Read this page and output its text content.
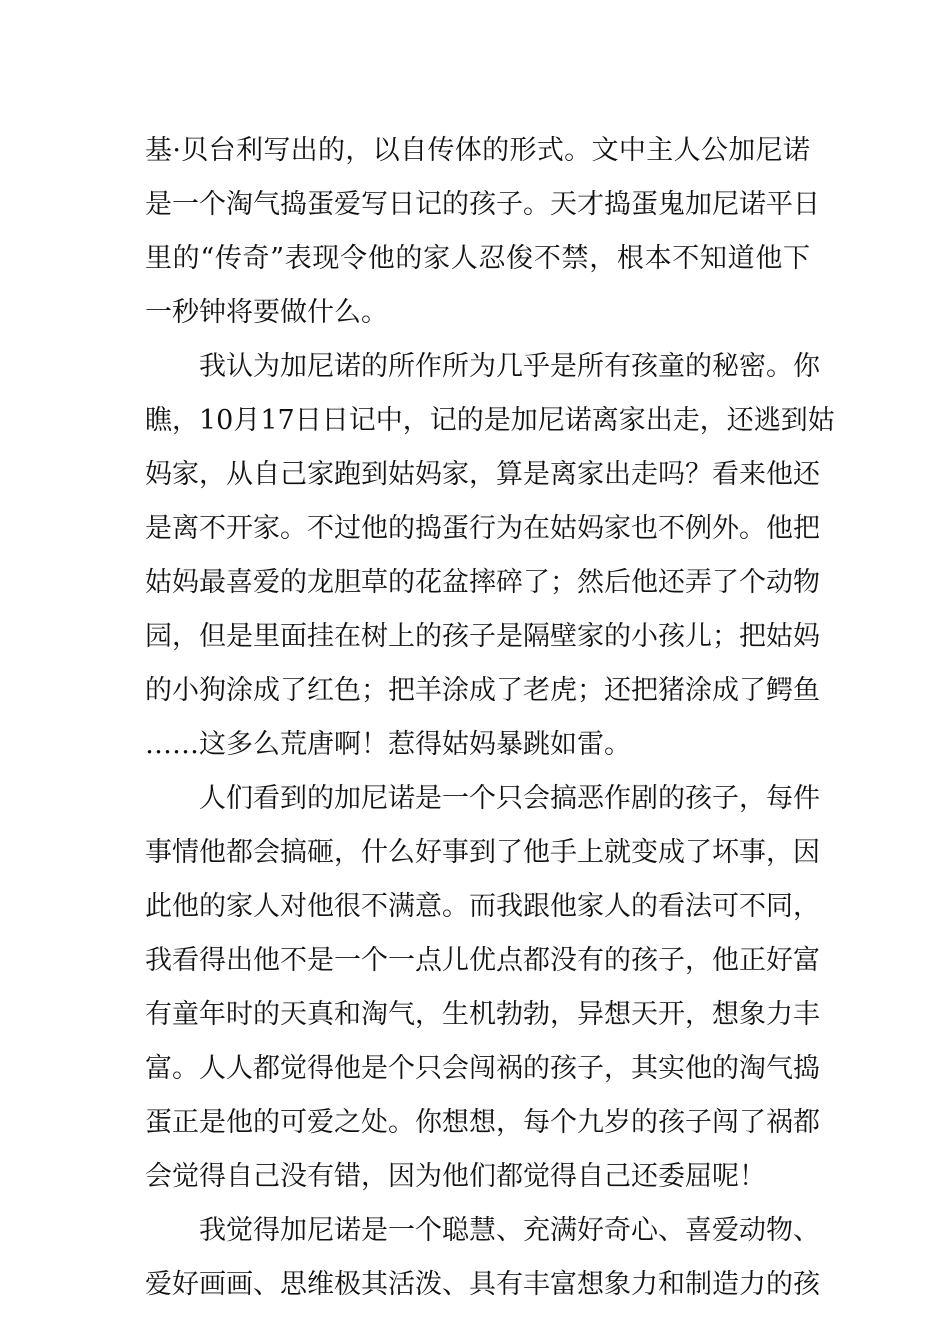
基·贝台利写出的，以自传体的形式。文中主人公加尼诺
是一个淘气捣蛋爱写日记的孩子。天才捣蛋鬼加尼诺平日
里的“传奇”表现令他的家人忍俊不禁，根本不知道他下
一秒钟将要做什么。
我认为加尼诺的所作所为几乎是所有孩童的秘密。你
瞧，10月17日日记中，记的是加尼诺离家出走，还逃到姑
妈家，从自己家跑到姑妈家，算是离家出走吗？看来他还
是离不开家。不过他的捣蛋行为在姑妈家也不例外。他把
姑妈最喜爱的龙胆草的花盆摔碎了；然后他还弄了个动物
园，但是里面挂在树上的孩子是隔壁家的小孩儿；把姑妈
的小狗涂成了红色；把羊涂成了老虎；还把猪涂成了鳄鱼
……这多么荒唐啊！惹得姑妈暴跳如雷。
人们看到的加尼诺是一个只会搞恶作剧的孩子，每件
事情他都会搞砸，什么好事到了他手上就变成了坏事，因
此他的家人对他很不满意。而我跟他家人的看法可不同，
我看得出他不是一个一点儿优点都没有的孩子，他正好富
有童年时的天真和淘气，生机勃勃，异想天开，想象力丰
富。人人都觉得他是个只会闯祸的孩子，其实他的淘气捣
蛋正是他的可爱之处。你想想，每个九岁的孩子闯了祸都
会觉得自己没有错，因为他们都觉得自己还委屈呢！
我觉得加尼诺是一个聪慧、充满好奇心、喜爱动物、
爱好画画、思维极其活泼、具有丰富想象力和制造力的孩
